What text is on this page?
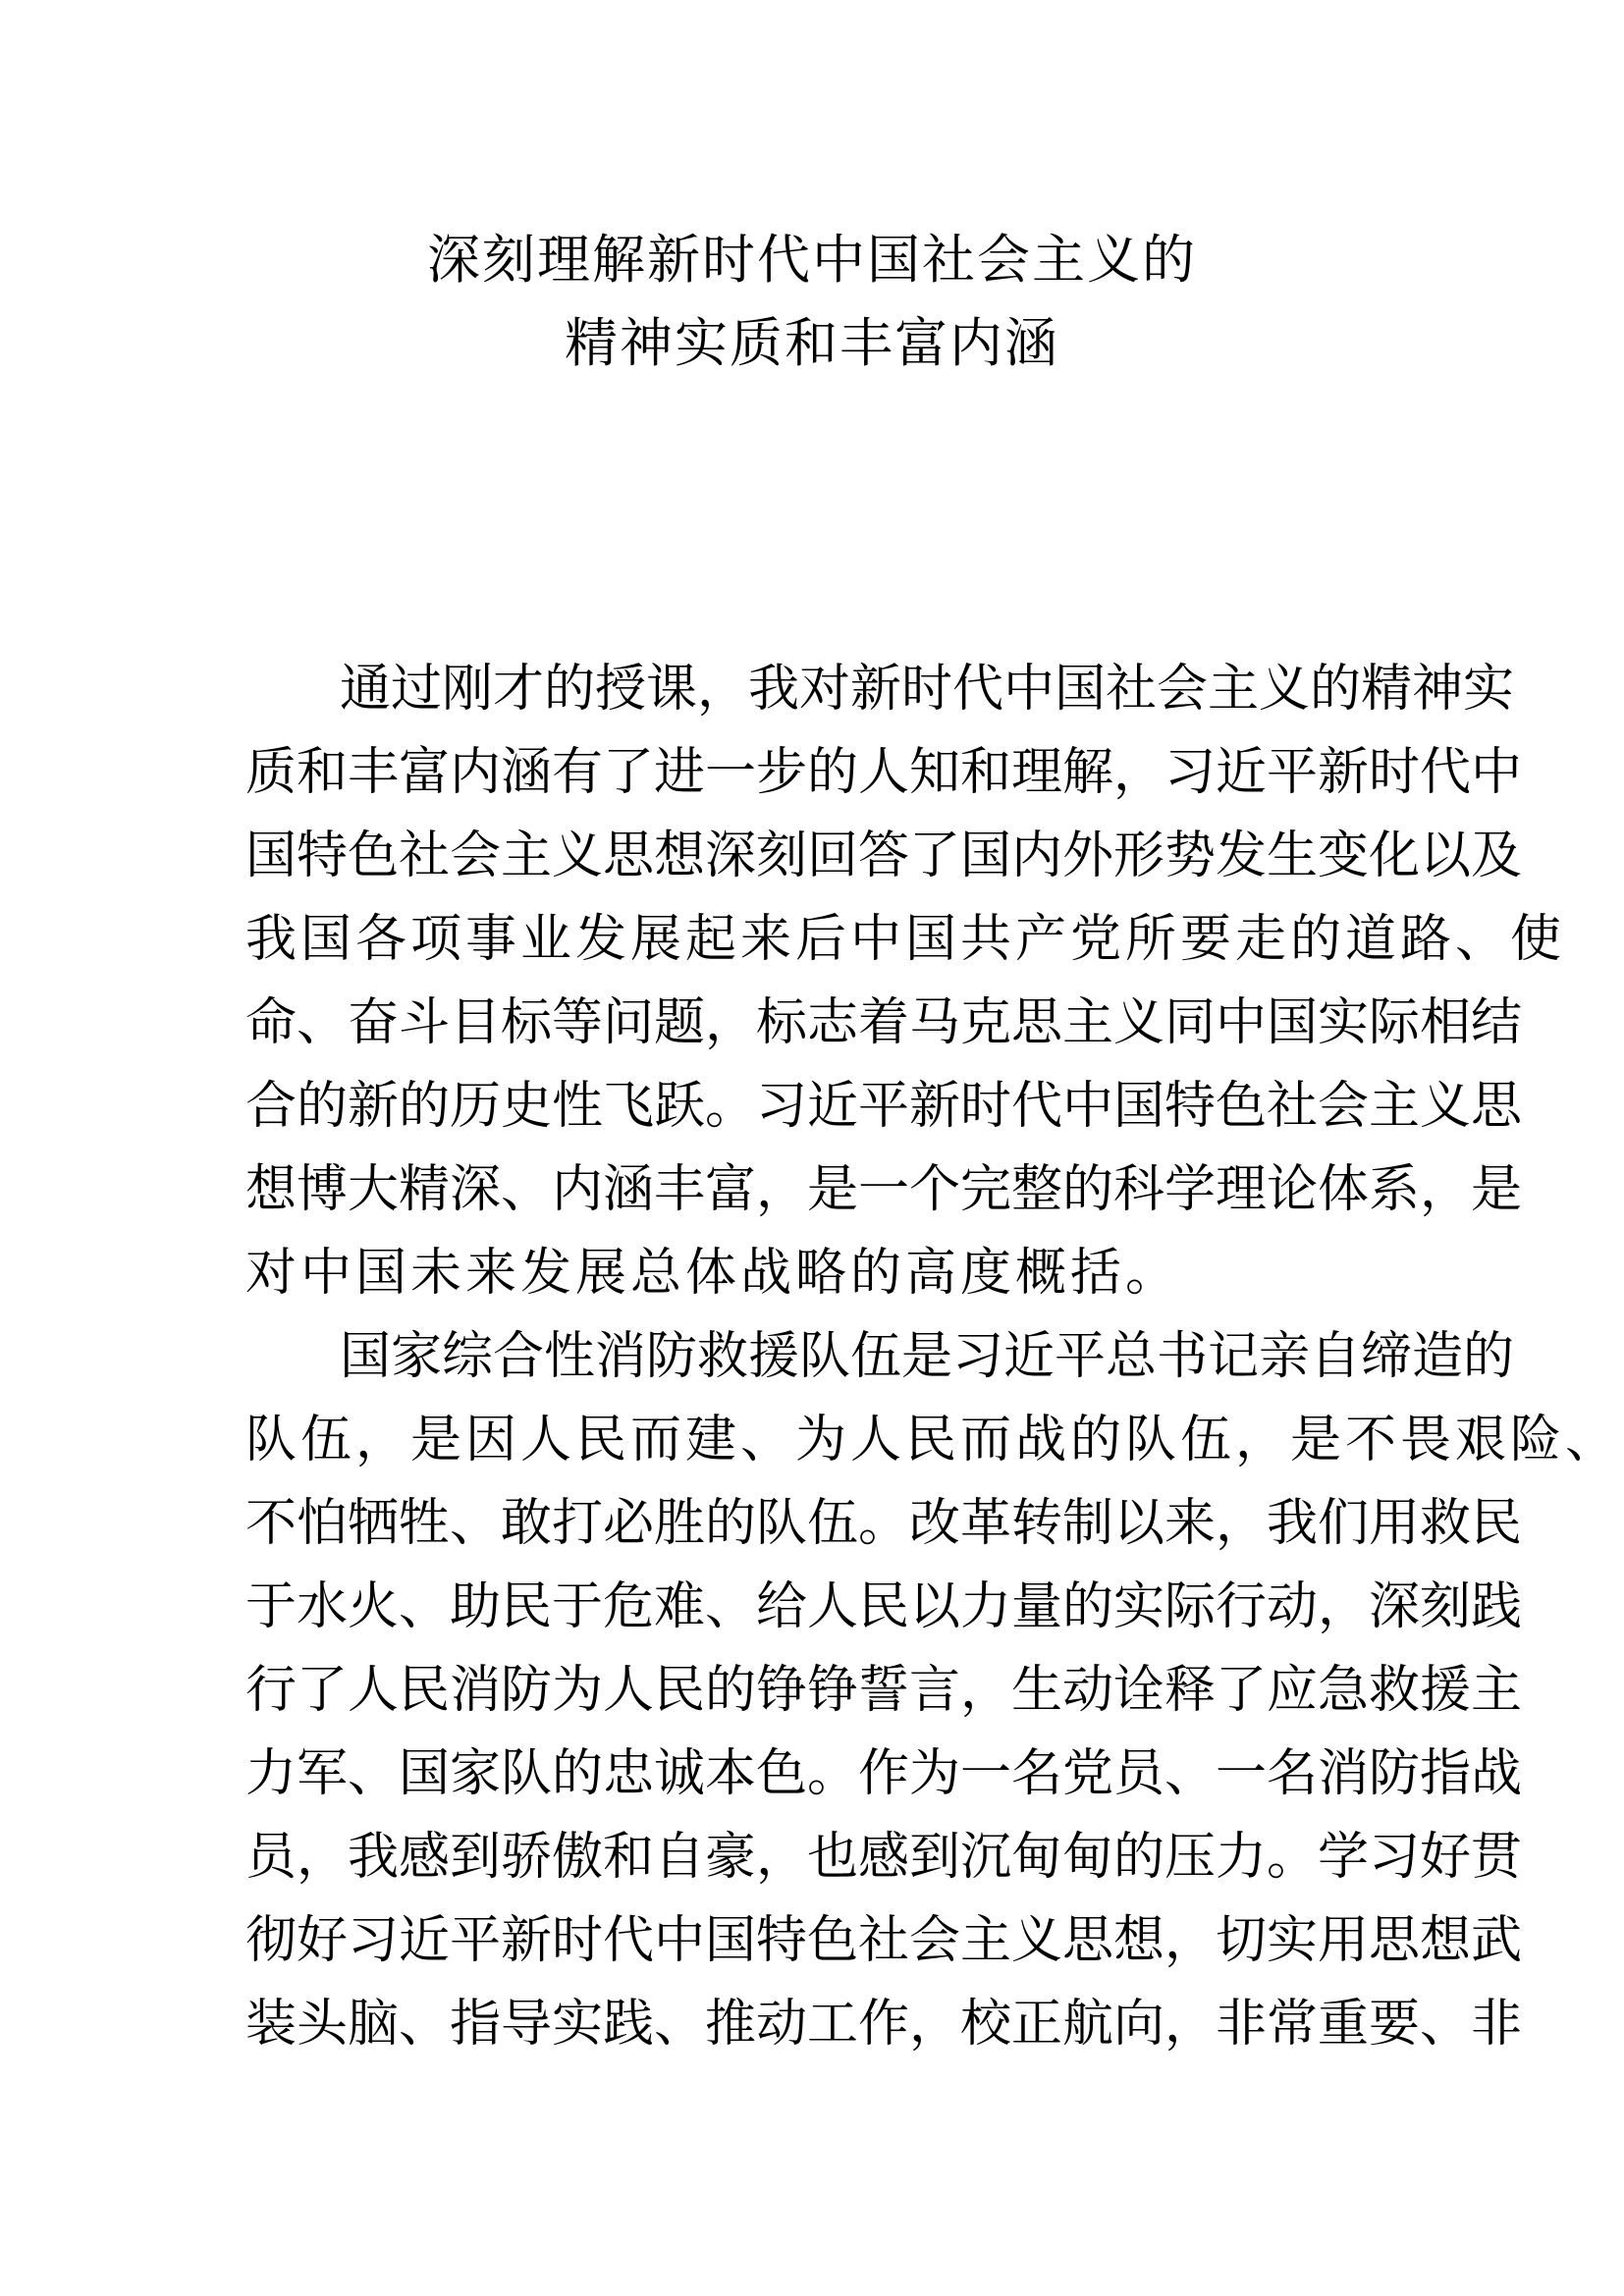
深刻理解新时代中国社会主义的
精神实质和丰富内涵
通过刚才的授课，我对新时代中国社会主义的精神实
质和丰富内涵有了进一步的人知和理解，习近平新时代中
国特色社会主义思想深刻回答了国内外形势发生变化以及
我国各项事业发展起来后中国共产党所要走的道路、使
命、奋斗目标等问题，标志着马克思主义同中国实际相结
合的新的历史性飞跃。习近平新时代中国特色社会主义思
想博大精深、内涵丰富，是一个完整的科学理论体系，是
对中国未来发展总体战略的高度概括。
国家综合性消防救援队伍是习近平总书记亲自缔造的
队伍，是因人民而建、为人民而战的队伍，是不畏艰险、
不怕牺牲、敢打必胜的队伍。改革转制以来，我们用救民
于水火、助民于危难、给人民以力量的实际行动，深刻践
行了人民消防为人民的铮铮誓言，生动诠释了应急救援主
力军、国家队的忠诚本色。作为一名党员、一名消防指战
员，我感到骄傲和自豪，也感到沉甸甸的压力。学习好贯
彻好习近平新时代中国特色社会主义思想，切实用思想武
装头脑、指导实践、推动工作，校正航向，非常重要、非
